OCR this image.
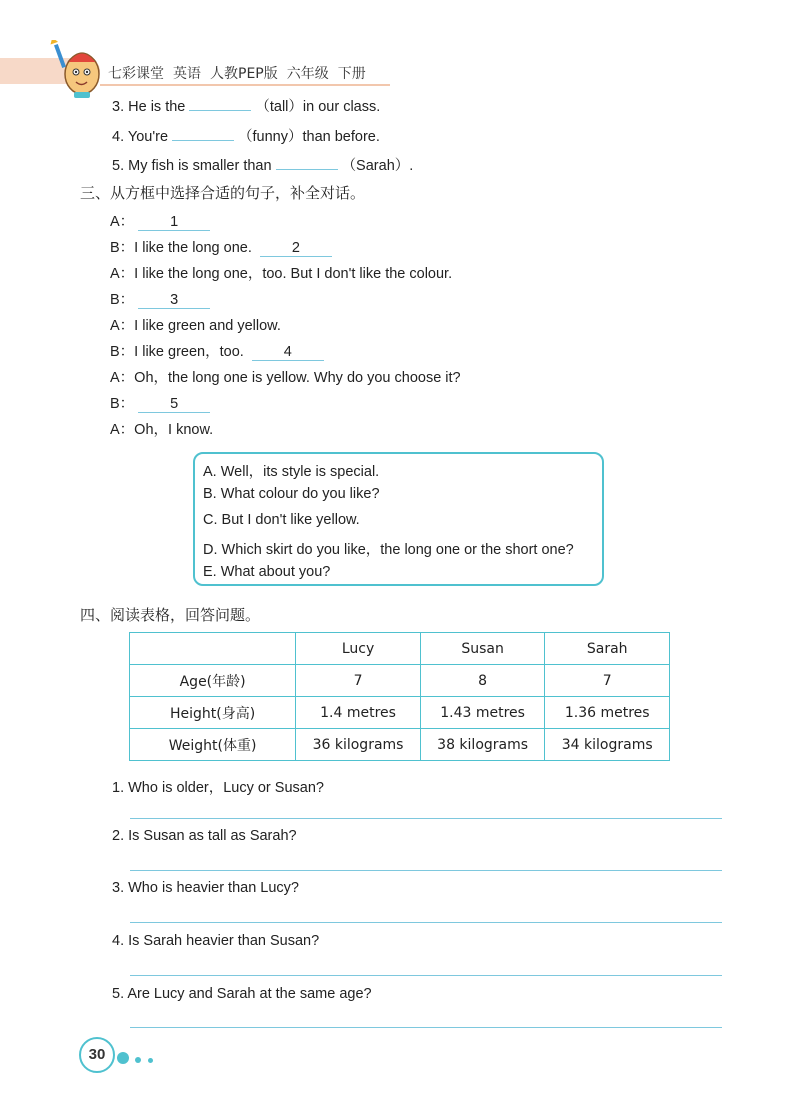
七彩课堂 英语 人教PEP版 六年级 下册
3. He is the	（tall）in our class.
4. You're	（funny）than before.
5. My fish is smaller than	（Sarah）.
三、从方框中选择合适的句子，补全对话。
A： 1
B：I like the long one.	2
A：I like the long one，too. But I don't like the colour.
B： 3
A：I like green and yellow.
B：I like green，too.	4
A：Oh，the long one is yellow. Why do you choose it?
B： 5
A：Oh，I know.
A. Well，its style is special.
B. What colour do you like?
C. But I don't like yellow.
D. Which skirt do you like，the long one or the short one?
E. What about you?
四、阅读表格，回答问题。
	Lucy	Susan	Sarah
Age(年龄)	7	8	7
Height(身高)	1.4 metres	1.43 metres	1.36 metres
Weight(体重)	36 kilograms	38 kilograms	34 kilograms
1. Who is older，Lucy or Susan?
2. Is Susan as tall as Sarah?
3. Who is heavier than Lucy?
4. Is Sarah heavier than Susan?
5. Are Lucy and Sarah at the same age?
30
